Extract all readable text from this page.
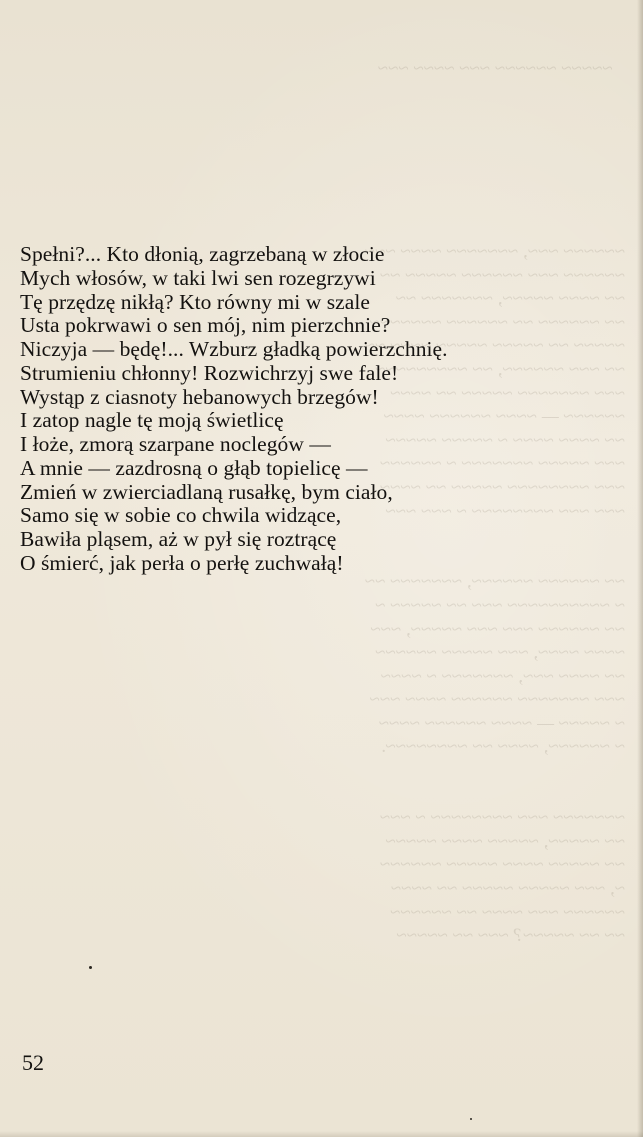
~~~~~ ~~~~~~ ~~~ ~~~~ ~~~
~~~~~~ ~~~, ~~~~~~~ ~~~~ ~~~
~~~~~~ ~~~ ~~~~~~ ~~~~~ ~~
~~ ~~~~ ~~~~~, ~~~~~~~ ~~
~~ ~~~~~~ ~~ ~~~~~~ ~~~~~~~
~~~~~ ~~ ~~~~~ ~~~~~ ~~~~ ~~
~~ ~~~ ~~~~~~, ~~ ~~~~~~~~~
~~~ ~~~~~~~ ~~~~~ ~~ ~~~~
~~~~~~ — ~~~~ ~~~~~~ ~~~~
~~ ~~~~ ~~~~ ~ ~~~~~ ~~~~~
~~~ ~~~~~ ~~~~~~~ ~ ~~~~~~
~~~ ~~~~~~~~ ~~~~~ ~~ ~~~~
~~~ ~~~ ~~~~~~~~ ~ ~~~ ~~~

~~ ~~~~~~ ~~~~~~, ~~~~~~~ ~~
~ ~~~~~~~~~~ ~~~ ~~ ~~~~~ ~
~~ ~~~~~~ ~~~ ~~~ ~~~~~, ~~~
~~~~ ~~~~, ~~~ ~~~~~ ~~~~~~
~~ ~~~~ ~~~, ~~~~~~~ ~ ~~~~
~~~ ~~~~~~~ ~~~~~~ ~~~~ ~~~
~ ~~~~~ — ~~~~ ~~~~~~ ~~~~
~ ~~~~~~, ~~~~ ~~ ~~~~~~~~.

~~~~~~~ ~~~ ~~~~~~~~ ~ ~~~
~~ ~~~~~, ~~~~~ ~~~~ ~~~~~
~~ ~~~~~ ~~~~ ~~~~~ ~~~~~~
~, ~~~ ~~~~~ ~~~~~ ~~ ~~~~
~~~~~~ ~~~ ~~~~ ~~ ~~~~~~
~~ ~~ ~~~~~? ~~~ ~~ ~~~~~
Spełni?... Kto dłonią, zagrzebaną w złocie
Mych włosów, w taki lwi sen rozegrzywi
Tę przędzę nikłą? Kto równy mi w szale
Usta pokrwawi o sen mój, nim pierzchnie?
Niczyja — będę!... Wzburz gładką powierzchnię.
Strumieniu chłonny! Rozwichrzyj swe fale!
Wystąp z ciasnoty hebanowych brzegów!
I zatop nagle tę moją świetlicę
I łoże, zmorą szarpane noclegów —
A mnie — zazdrosną o głąb topielicę —
Zmień w zwierciadlaną rusałkę, bym ciało,
Samo się w sobie co chwila widzące,
Bawiła pląsem, aż w pył się roztrącę
O śmierć, jak perła o perłę zuchwałą!
52
